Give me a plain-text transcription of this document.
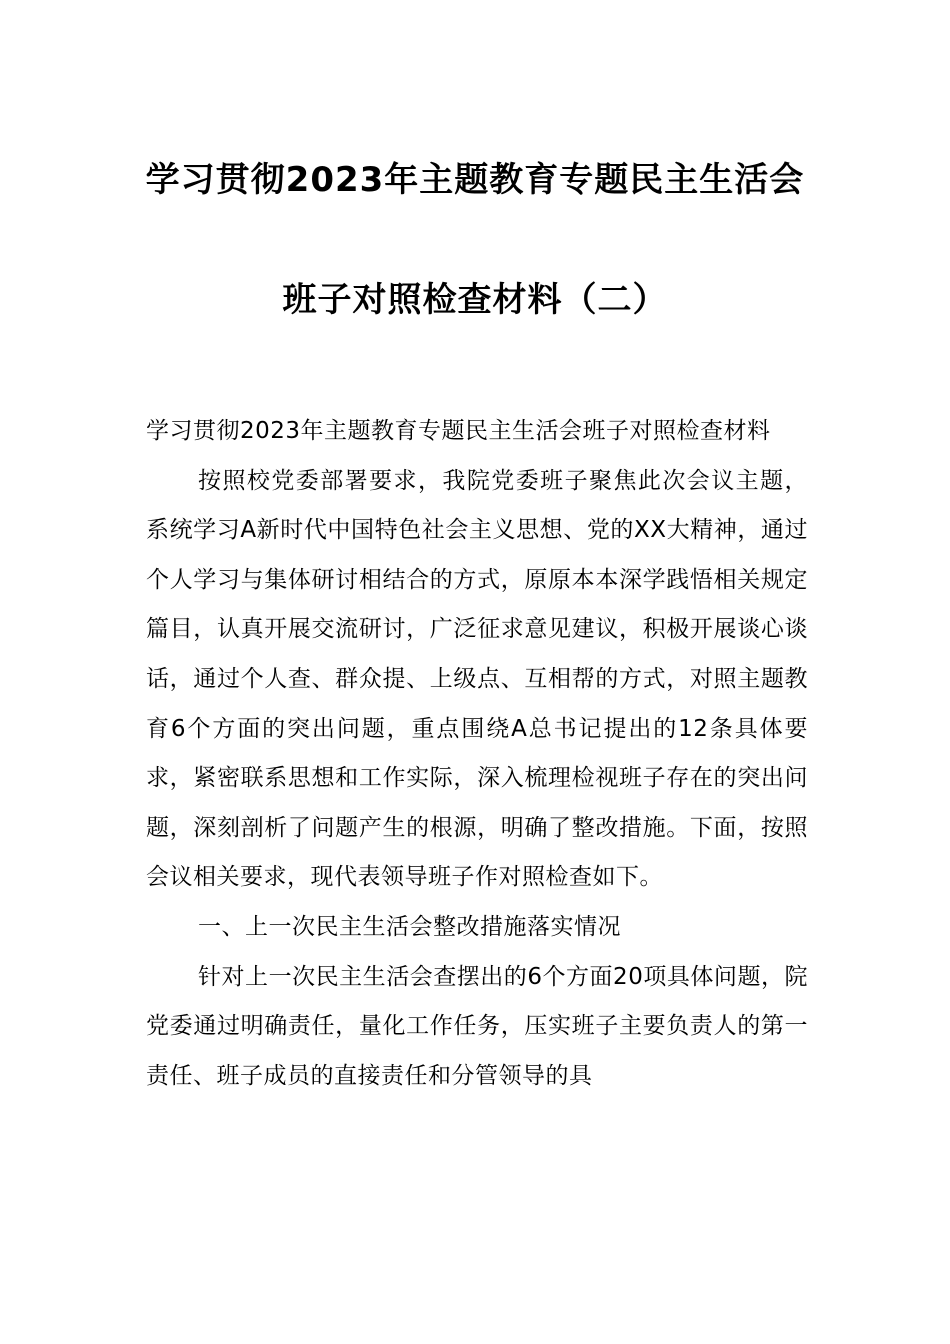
学习贯彻2023年主题教育专题民主生活会
班子对照检查材料（二）

学习贯彻2023年主题教育专题民主生活会班子对照检查材料

按照校党委部署要求，我院党委班子聚焦此次会议主题，系统学习A新时代中国特色社会主义思想、党的XX大精神，通过个人学习与集体研讨相结合的方式，原原本本深学践悟相关规定篇目，认真开展交流研讨，广泛征求意见建议，积极开展谈心谈话，通过个人查、群众提、上级点、互相帮的方式，对照主题教育6个方面的突出问题，重点围绕A总书记提出的12条具体要求，紧密联系思想和工作实际，深入梳理检视班子存在的突出问题，深刻剖析了问题产生的根源，明确了整改措施。下面，按照会议相关要求，现代表领导班子作对照检查如下。

一、上一次民主生活会整改措施落实情况

针对上一次民主生活会查摆出的6个方面20项具体问题，院党委通过明确责任，量化工作任务，压实班子主要负责人的第一责任、班子成员的直接责任和分管领导的具
